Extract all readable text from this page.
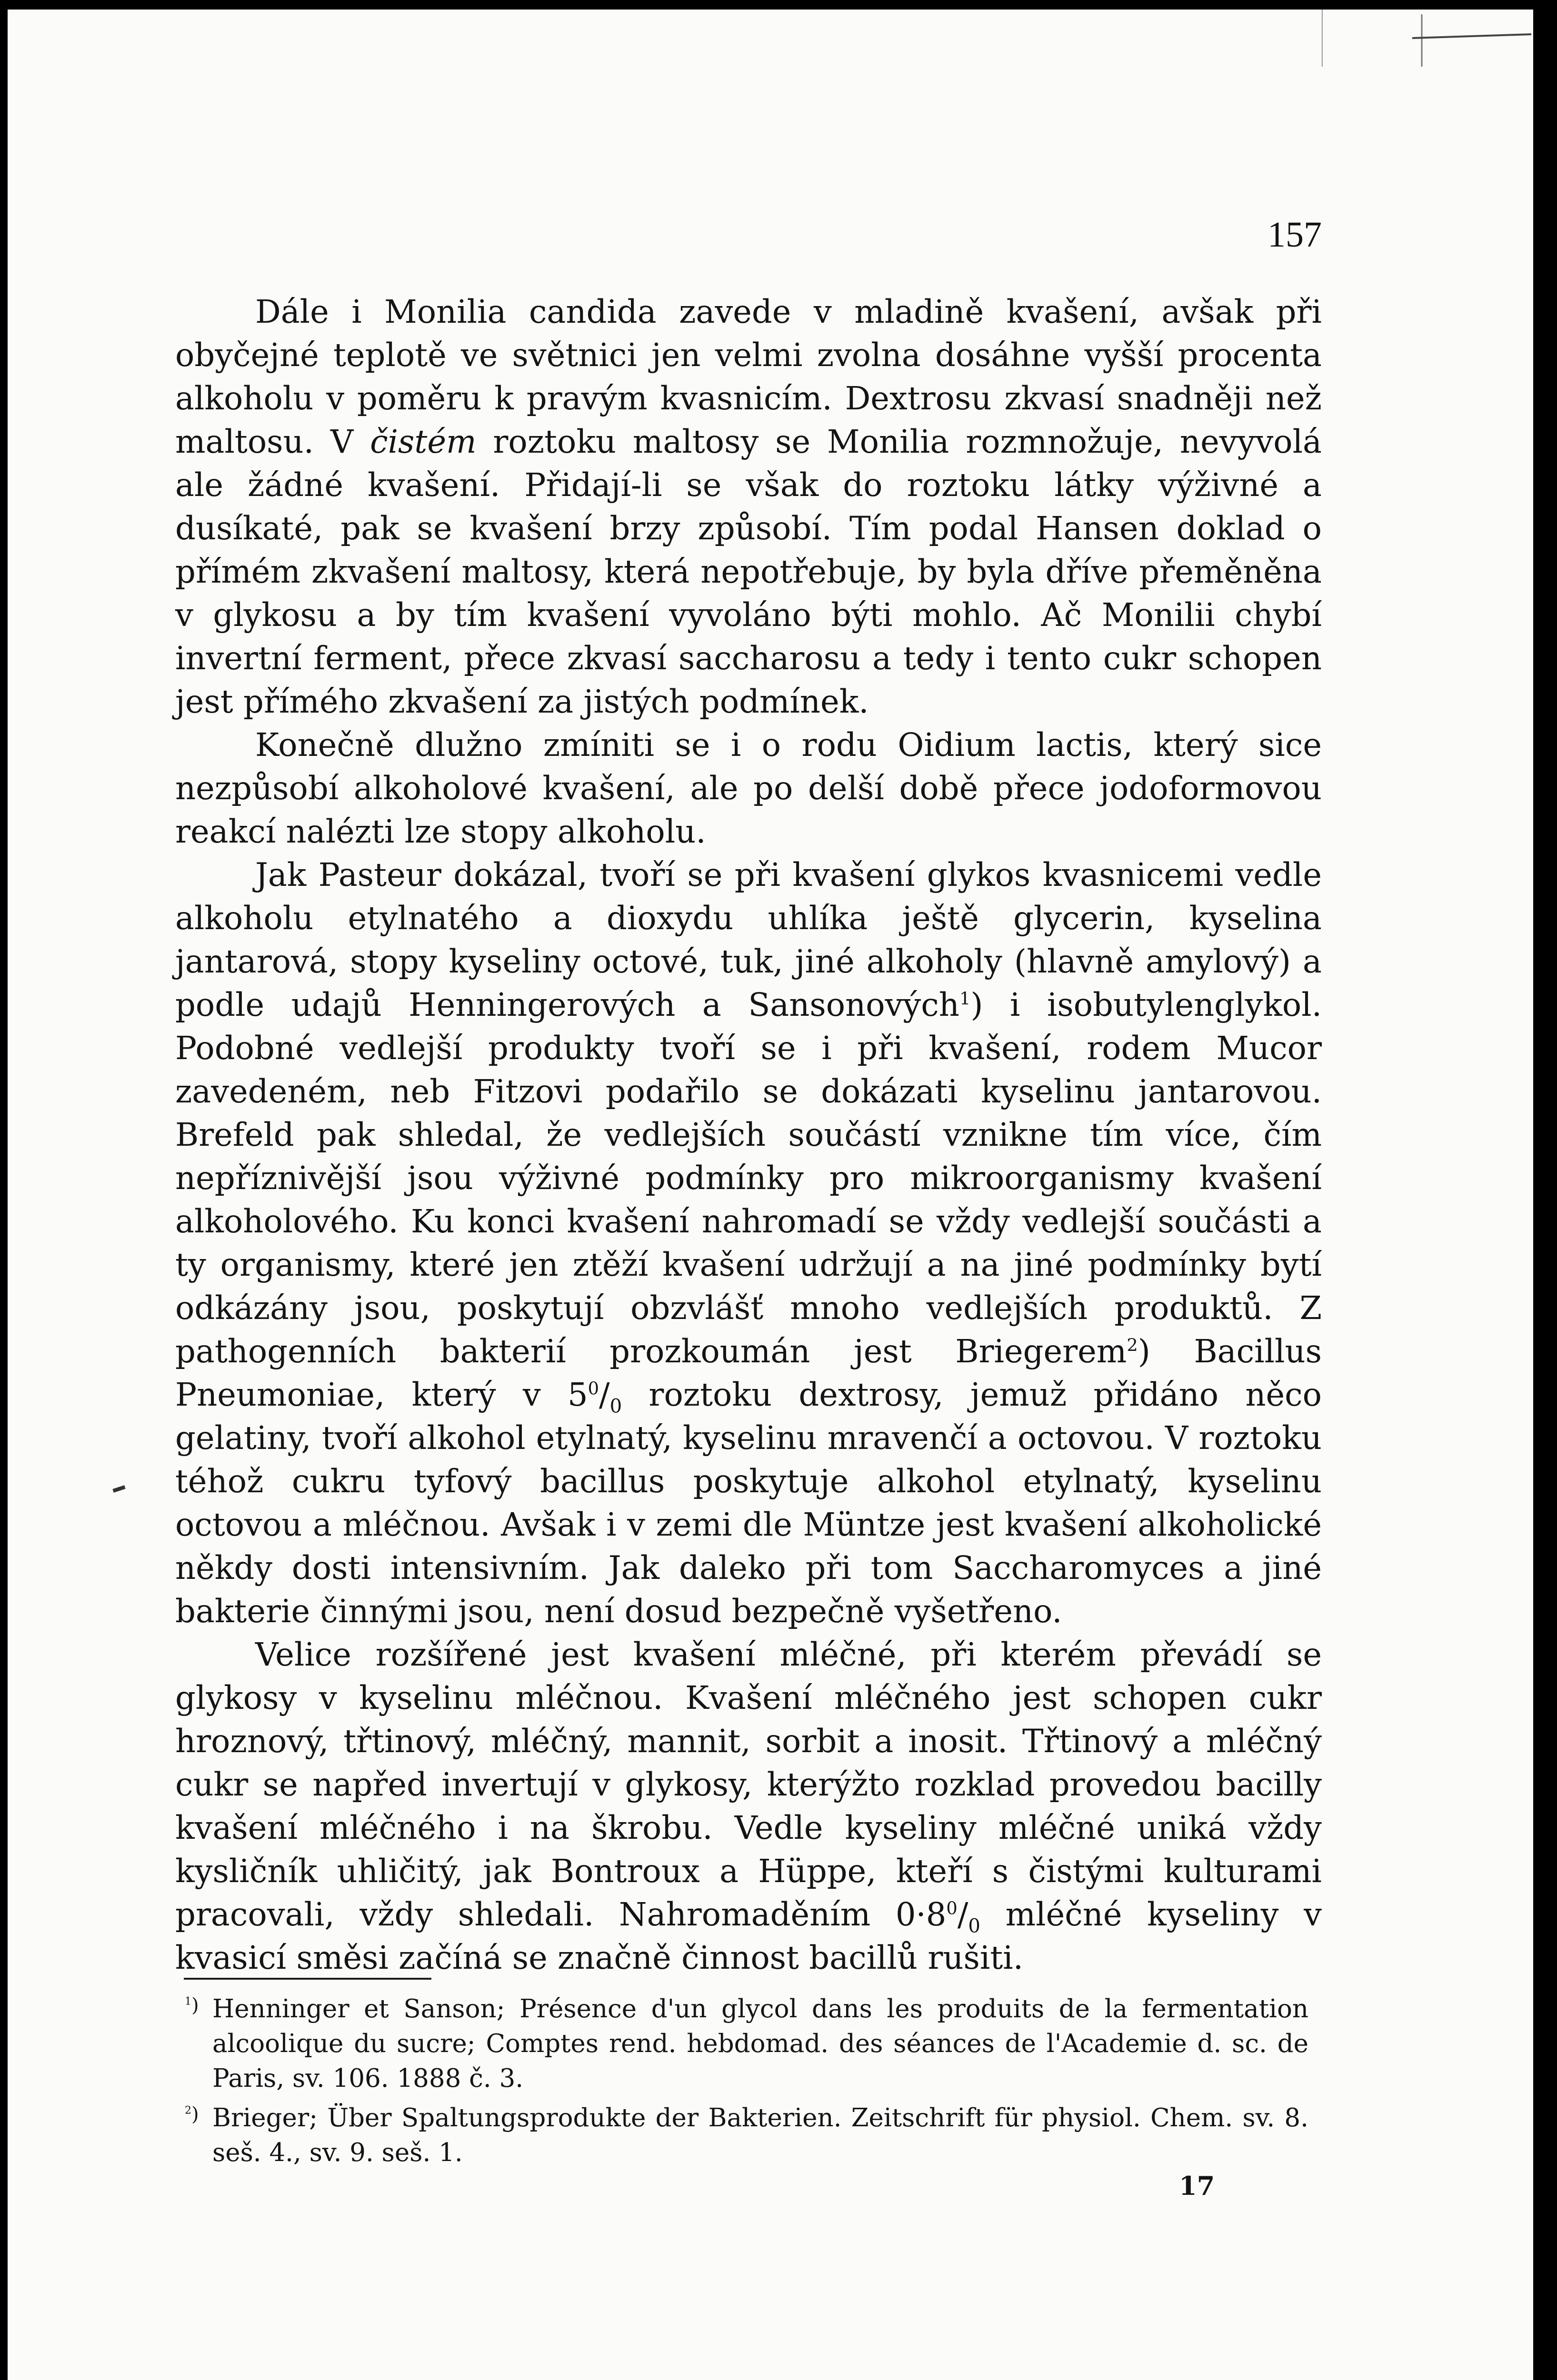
157

Dále i Monilia candida zavede v mladině kvašení, avšak při obyčejné teplotě ve světnici jen velmi zvolna dosáhne vyšší procenta alkoholu v poměru k pravým kvasnicím. Dextrosu zkvasí snadněji než maltosu. V čistém roztoku maltosy se Monilia rozmnožuje, nevyvolá ale žádné kvašení. Přidají-li se však do roztoku látky výživné a dusíkaté, pak se kvašení brzy způsobí. Tím podal Hansen doklad o přímém zkvašení maltosy, která nepotřebuje, by byla dříve přeměněna v glykosu a by tím kvašení vyvoláno býti mohlo. Ač Monilii chybí invertní ferment, přece zkvasí saccharosu a tedy i tento cukr schopen jest přímého zkvašení za jistých podmínek.

Konečně dlužno zmíniti se i o rodu Oidium lactis, který sice nezpůsobí alkoholové kvašení, ale po delší době přece jodoformovou reakcí nalézti lze stopy alkoholu.

Jak Pasteur dokázal, tvoří se při kvašení glykos kvasnicemi vedle alkoholu etylnatého a dioxydu uhlíka ještě glycerin, kyselina jantarová, stopy kyseliny octové, tuk, jiné alkoholy (hlavně amylový) a podle udajů Henningerových a Sansonových$^1$) i isobutylenglykol. Podobné vedlejší produkty tvoří se i při kvašení, rodem Mucor zavedeném, neb Fitzovi podařilo se dokázati kyselinu jantarovou. Brefeld pak shledal, že vedlejších součástí vznikne tím více, čím nepříznivější jsou výživné podmínky pro mikroorganismy kvašení alkoholového. Ku konci kvašení nahromadí se vždy vedlejší součásti a ty organismy, které jen ztěží kvašení udržují a na jiné podmínky bytí odkázány jsou, poskytují obzvlášť mnoho vedlejších produktů. Z pathogenních bakterií prozkoumán jest Briegerem$^2$) Bacillus Pneumoniae, který v $5^0/_0$ roztoku dextrosy, jemuž přidáno něco gelatiny, tvoří alkohol etylnatý, kyselinu mravenčí a octovou. V roztoku téhož cukru tyfový bacillus poskytuje alkohol etylnatý, kyselinu octovou a mléčnou. Avšak i v zemi dle Müntze jest kvašení alkoholické někdy dosti intensivním. Jak daleko při tom Saccharomyces a jiné bakterie činnými jsou, není dosud bezpečně vyšetřeno.

Velice rozšířené jest kvašení mléčné, při kterém převádí se glykosy v kyselinu mléčnou. Kvašení mléčného jest schopen cukr hroznový, třtinový, mléčný, mannit, sorbit a inosit. Třtinový a mléčný cukr se napřed invertují v glykosy, kterýžto rozklad provedou bacilly kvašení mléčného i na škrobu. Vedle kyseliny mléčné uniká vždy kysličník uhličitý, jak Bontroux a Hüppe, kteří s čistými kulturami pracovali, vždy shledali. Nahromaděním $0\cdot 8^0/_0$ mléčné kyseliny v kvasicí směsi začíná se značně činnost bacillů rušiti.

$^1$) Henninger et Sanson; Présence d'un glycol dans les produits de la fermentation alcoolique du sucre; Comptes rend. hebdomad. des séances de l'Academie d. sc. de Paris, sv. 106. 1888 č. 3.
$^2$) Brieger; Über Spaltungsprodukte der Bakterien. Zeitschrift für physiol. Chem. sv. 8. seš. 4., sv. 9. seš. 1.
17
